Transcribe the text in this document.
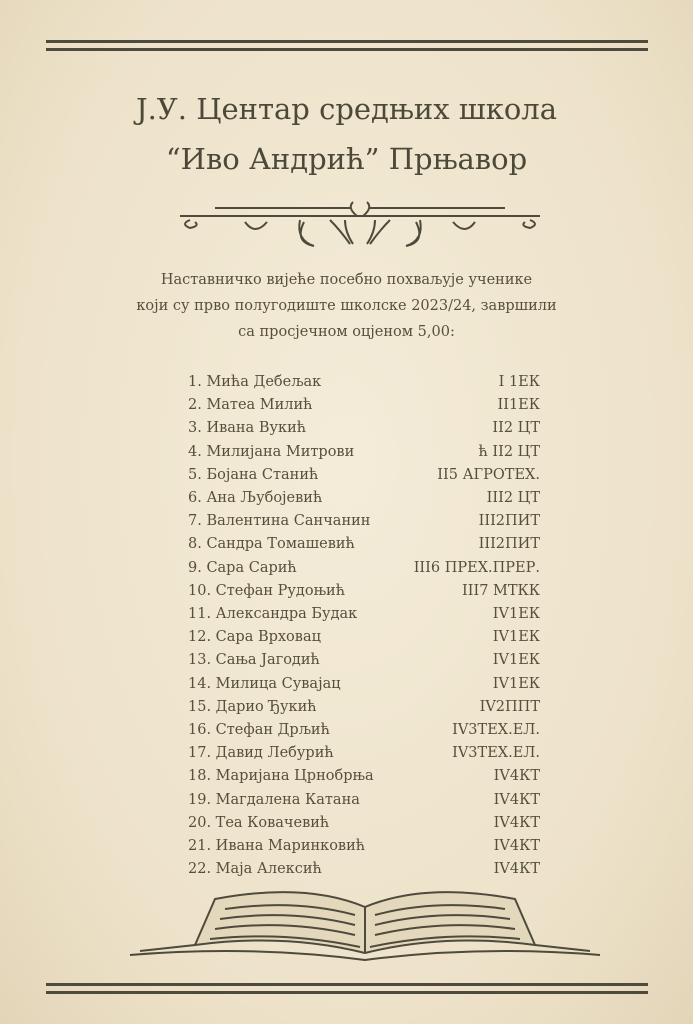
Ј.У. Центар средњих школа
“Иво Андрић” Прњавор
Наставничко вијеће посебно похваљује ученике
који су прво полугодиште школске 2023/24, завршили
са просјечном оцјеном 5,00:
1. Мића Дебељак	I 1ЕК
2. Матеа Милић	II1ЕК
3. Ивана Вукић	II2 ЦТ
4. Милијана Митрови	ћ II2 ЦТ
5. Бојана Станић	II5 АГРОТЕХ.
6. Ана Љубојевић	III2 ЦТ
7. Валентина Санчанин	III2ПИТ
8. Сандра Томашевић	III2ПИТ
9. Сара Сарић	III6 ПРЕХ.ПРЕР.
10. Стефан Рудоњић	III7 МТКК
11. Александра Будак	IV1ЕК
12. Сара Врховац	IV1ЕК
13. Сања Јагодић	IV1ЕК
14. Милица Сувајац	IV1ЕК
15. Дарио Ђукић	IV2ППТ
16. Стефан Дрљић	IV3ТЕХ.ЕЛ.
17. Давид Лебурић	IV3ТЕХ.ЕЛ.
18. Маријана Црнобрња	IV4КТ
19. Магдалена Катана	IV4КТ
20. Теа Ковачевић	IV4КТ
21. Ивана Маринковић	IV4КТ
22. Маја Алексић	IV4КТ
